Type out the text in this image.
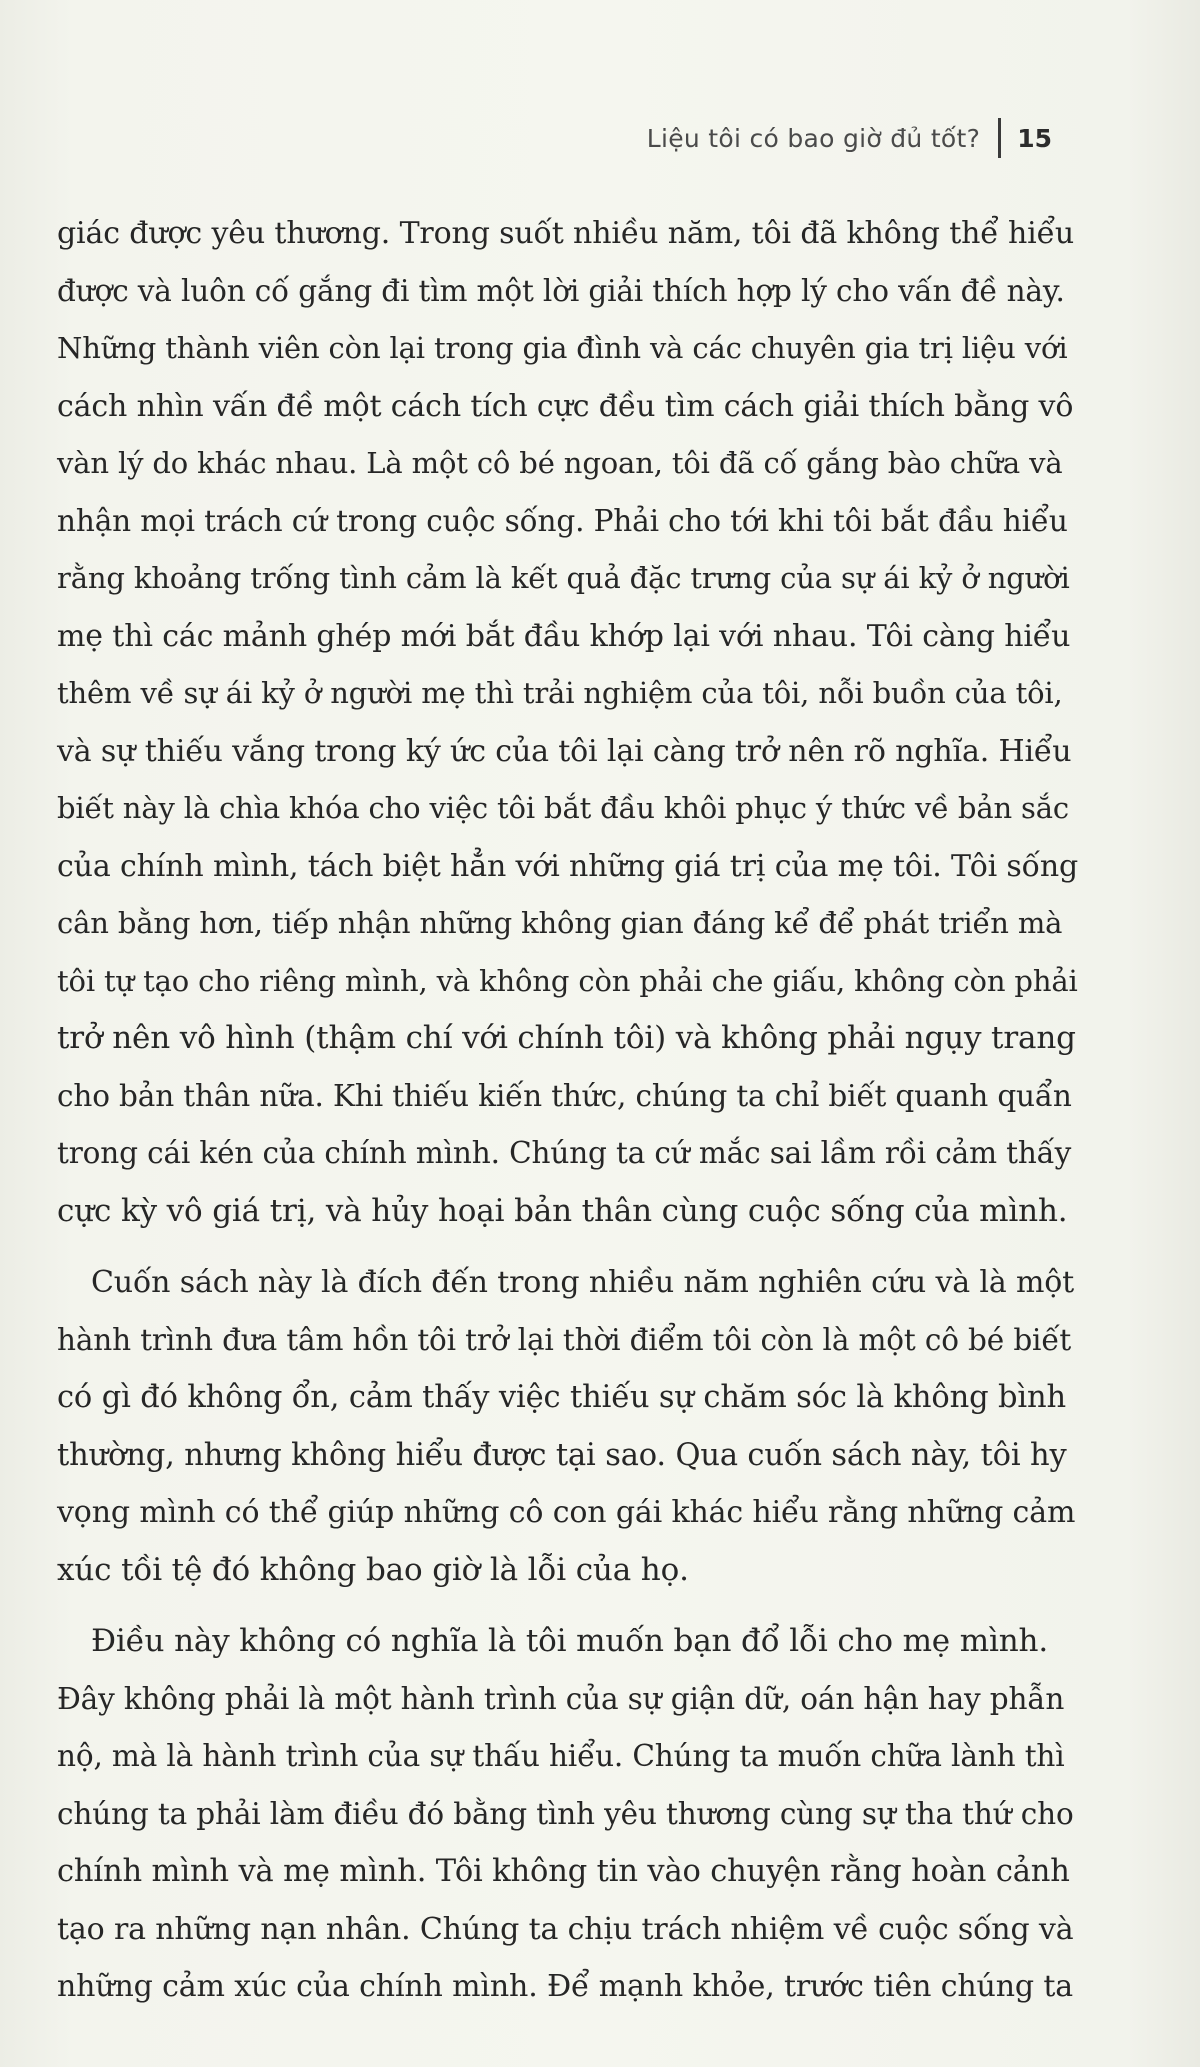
Liệu tôi có bao giờ đủ tốt? 15
giác được yêu thương. Trong suốt nhiều năm, tôi đã không thể hiểu
được và luôn cố gắng đi tìm một lời giải thích hợp lý cho vấn đề này.
Những thành viên còn lại trong gia đình và các chuyên gia trị liệu với
cách nhìn vấn đề một cách tích cực đều tìm cách giải thích bằng vô
vàn lý do khác nhau. Là một cô bé ngoan, tôi đã cố gắng bào chữa và
nhận mọi trách cứ trong cuộc sống. Phải cho tới khi tôi bắt đầu hiểu
rằng khoảng trống tình cảm là kết quả đặc trưng của sự ái kỷ ở người
mẹ thì các mảnh ghép mới bắt đầu khớp lại với nhau. Tôi càng hiểu
thêm về sự ái kỷ ở người mẹ thì trải nghiệm của tôi, nỗi buồn của tôi,
và sự thiếu vắng trong ký ức của tôi lại càng trở nên rõ nghĩa. Hiểu
biết này là chìa khóa cho việc tôi bắt đầu khôi phục ý thức về bản sắc
của chính mình, tách biệt hẳn với những giá trị của mẹ tôi. Tôi sống
cân bằng hơn, tiếp nhận những không gian đáng kể để phát triển mà
tôi tự tạo cho riêng mình, và không còn phải che giấu, không còn phải
trở nên vô hình (thậm chí với chính tôi) và không phải ngụy trang
cho bản thân nữa. Khi thiếu kiến thức, chúng ta chỉ biết quanh quẩn
trong cái kén của chính mình. Chúng ta cứ mắc sai lầm rồi cảm thấy
cực kỳ vô giá trị, và hủy hoại bản thân cùng cuộc sống của mình.
Cuốn sách này là đích đến trong nhiều năm nghiên cứu và là một
hành trình đưa tâm hồn tôi trở lại thời điểm tôi còn là một cô bé biết
có gì đó không ổn, cảm thấy việc thiếu sự chăm sóc là không bình
thường, nhưng không hiểu được tại sao. Qua cuốn sách này, tôi hy
vọng mình có thể giúp những cô con gái khác hiểu rằng những cảm
xúc tồi tệ đó không bao giờ là lỗi của họ.
Điều này không có nghĩa là tôi muốn bạn đổ lỗi cho mẹ mình.
Đây không phải là một hành trình của sự giận dữ, oán hận hay phẫn
nộ, mà là hành trình của sự thấu hiểu. Chúng ta muốn chữa lành thì
chúng ta phải làm điều đó bằng tình yêu thương cùng sự tha thứ cho
chính mình và mẹ mình. Tôi không tin vào chuyện rằng hoàn cảnh
tạo ra những nạn nhân. Chúng ta chịu trách nhiệm về cuộc sống và
những cảm xúc của chính mình. Để mạnh khỏe, trước tiên chúng ta
